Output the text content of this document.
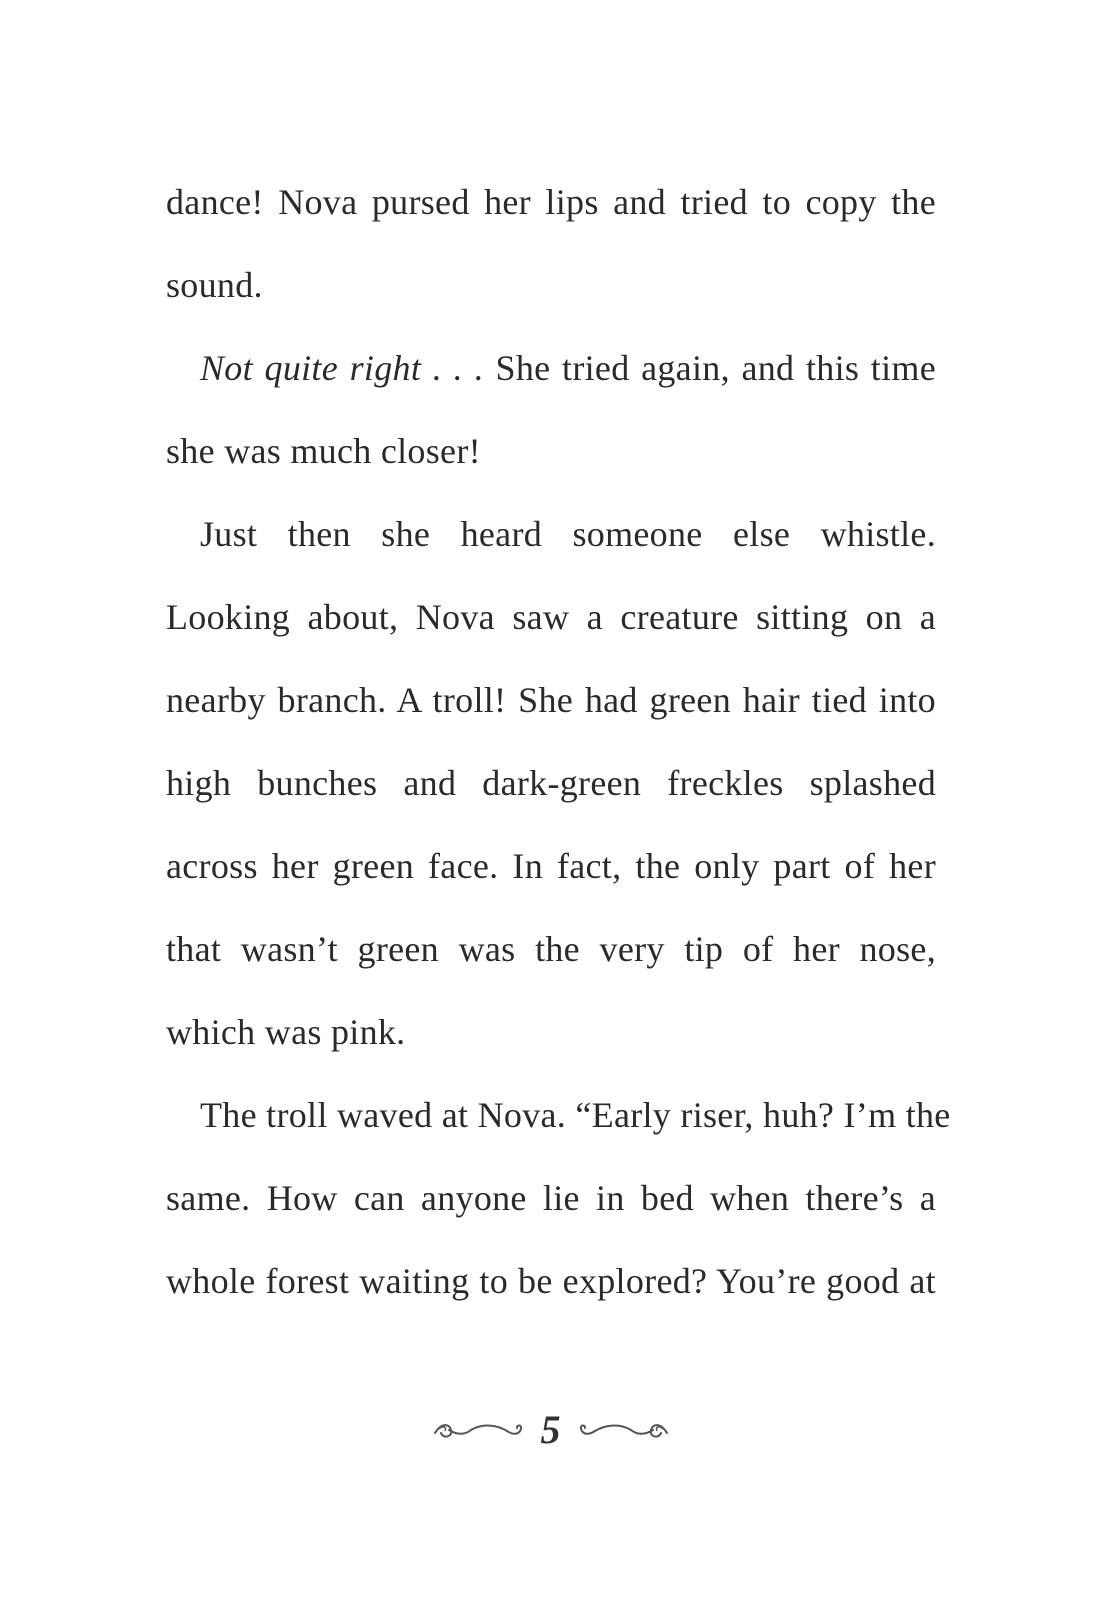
dance! Nova pursed her lips and tried to copy the
sound.
Not quite right . . . She tried again, and this time
she was much closer!
Just then she heard someone else whistle.
Looking about, Nova saw a creature sitting on a
nearby branch. A troll! She had green hair tied into
high bunches and dark-green freckles splashed
across her green face. In fact, the only part of her
that wasn’t green was the very tip of her nose,
which was pink.
The troll waved at Nova. “Early riser, huh? I’m the
same. How can anyone lie in bed when there’s a
whole forest waiting to be explored? You’re good at
5
